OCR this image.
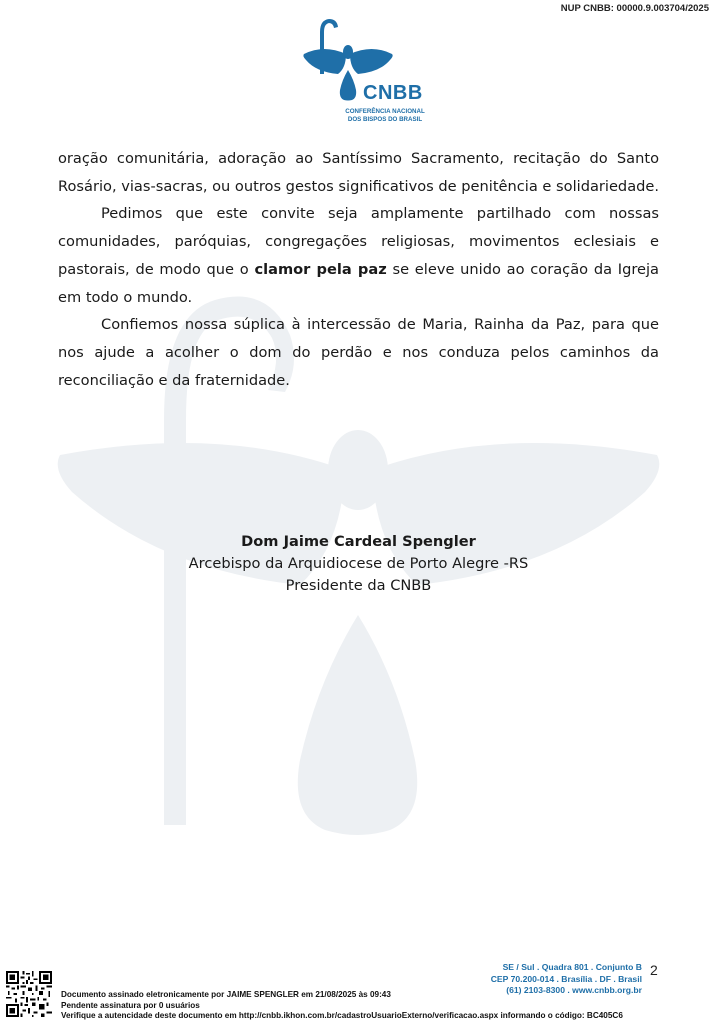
NUP CNBB: 00000.9.003704/2025
CNBB
CONFERÊNCIA NACIONAL
DOS BISPOS DO BRASIL

oração comunitária, adoração ao Santíssimo Sacramento, recitação do Santo Rosário, vias-sacras, ou outros gestos significativos de penitência e solidariedade.

Pedimos que este convite seja amplamente partilhado com nossas comunidades, paróquias, congregações religiosas, movimentos eclesiais e pastorais, de modo que o clamor pela paz se eleve unido ao coração da Igreja em todo o mundo.

Confiemos nossa súplica à intercessão de Maria, Rainha da Paz, para que nos ajude a acolher o dom do perdão e nos conduza pelos caminhos da reconciliação e da fraternidade.

Dom Jaime Cardeal Spengler
Arcebispo da Arquidiocese de Porto Alegre -RS
Presidente da CNBB
SE / Sul . Quadra 801 . Conjunto B
CEP 70.200-014 . Brasília . DF . Brasil
(61) 2103-8300 . www.cnbb.org.br
2
Documento assinado eletronicamente por JAIME SPENGLER em 21/08/2025 às 09:43
Pendente assinatura por 0 usuários
Verifique a autencidade deste documento em http://cnbb.ikhon.com.br/cadastroUsuarioExterno/verificacao.aspx informando o código: BC405C6
